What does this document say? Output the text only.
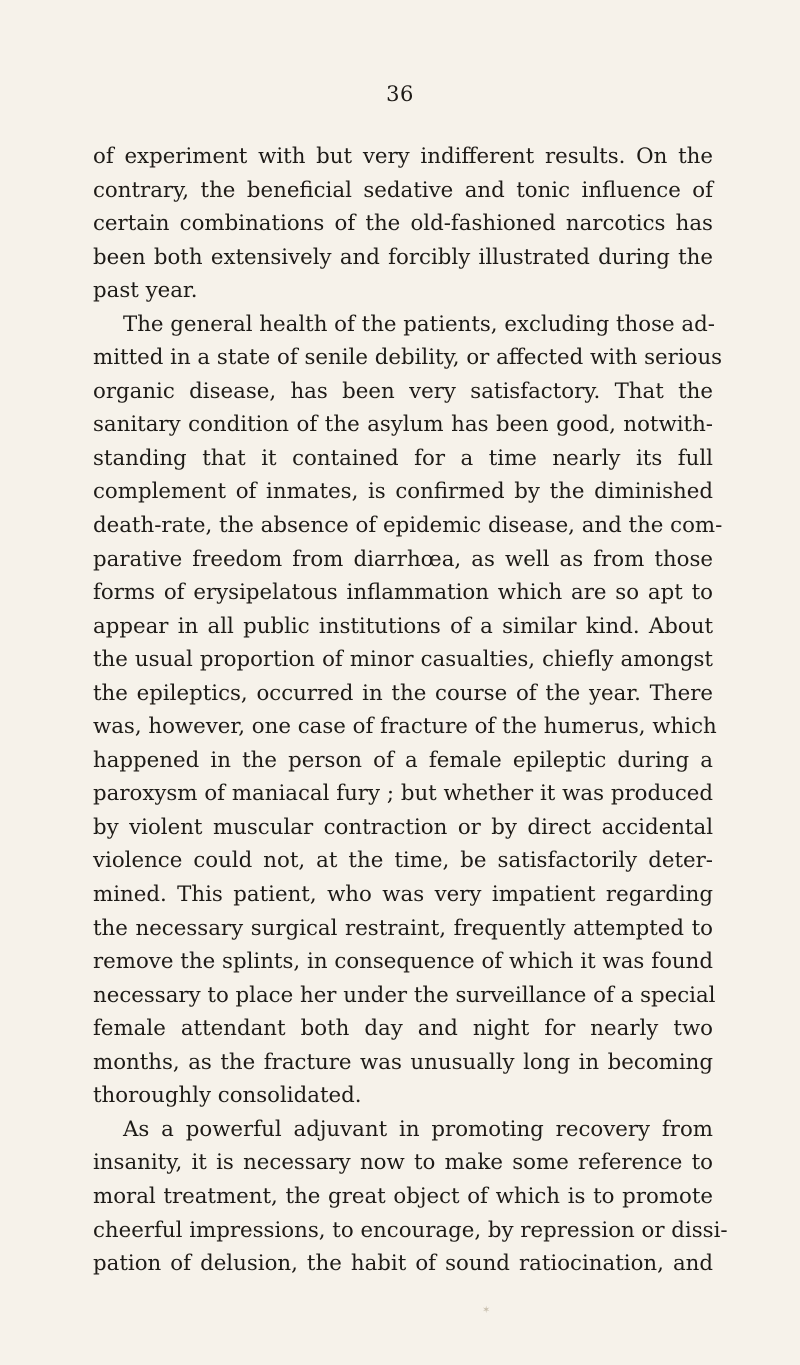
36
of experiment with but very indifferent results. On the
contrary, the beneficial sedative and tonic influence of
certain combinations of the old-fashioned narcotics has
been both extensively and forcibly illustrated during the
past year.
The general health of the patients, excluding those ad-
mitted in a state of senile debility, or affected with serious
organic disease, has been very satisfactory. That the
sanitary condition of the asylum has been good, notwith-
standing that it contained for a time nearly its full
complement of inmates, is confirmed by the diminished
death-rate, the absence of epidemic disease, and the com-
parative freedom from diarrhœa, as well as from those
forms of erysipelatous inflammation which are so apt to
appear in all public institutions of a similar kind. About
the usual proportion of minor casualties, chiefly amongst
the epileptics, occurred in the course of the year. There
was, however, one case of fracture of the humerus, which
happened in the person of a female epileptic during a
paroxysm of maniacal fury ; but whether it was produced
by violent muscular contraction or by direct accidental
violence could not, at the time, be satisfactorily deter-
mined. This patient, who was very impatient regarding
the necessary surgical restraint, frequently attempted to
remove the splints, in consequence of which it was found
necessary to place her under the surveillance of a special
female attendant both day and night for nearly two
months, as the fracture was unusually long in becoming
thoroughly consolidated.
As a powerful adjuvant in promoting recovery from
insanity, it is necessary now to make some reference to
moral treatment, the great object of which is to promote
cheerful impressions, to encourage, by repression or dissi-
pation of delusion, the habit of sound ratiocination, and
✶
